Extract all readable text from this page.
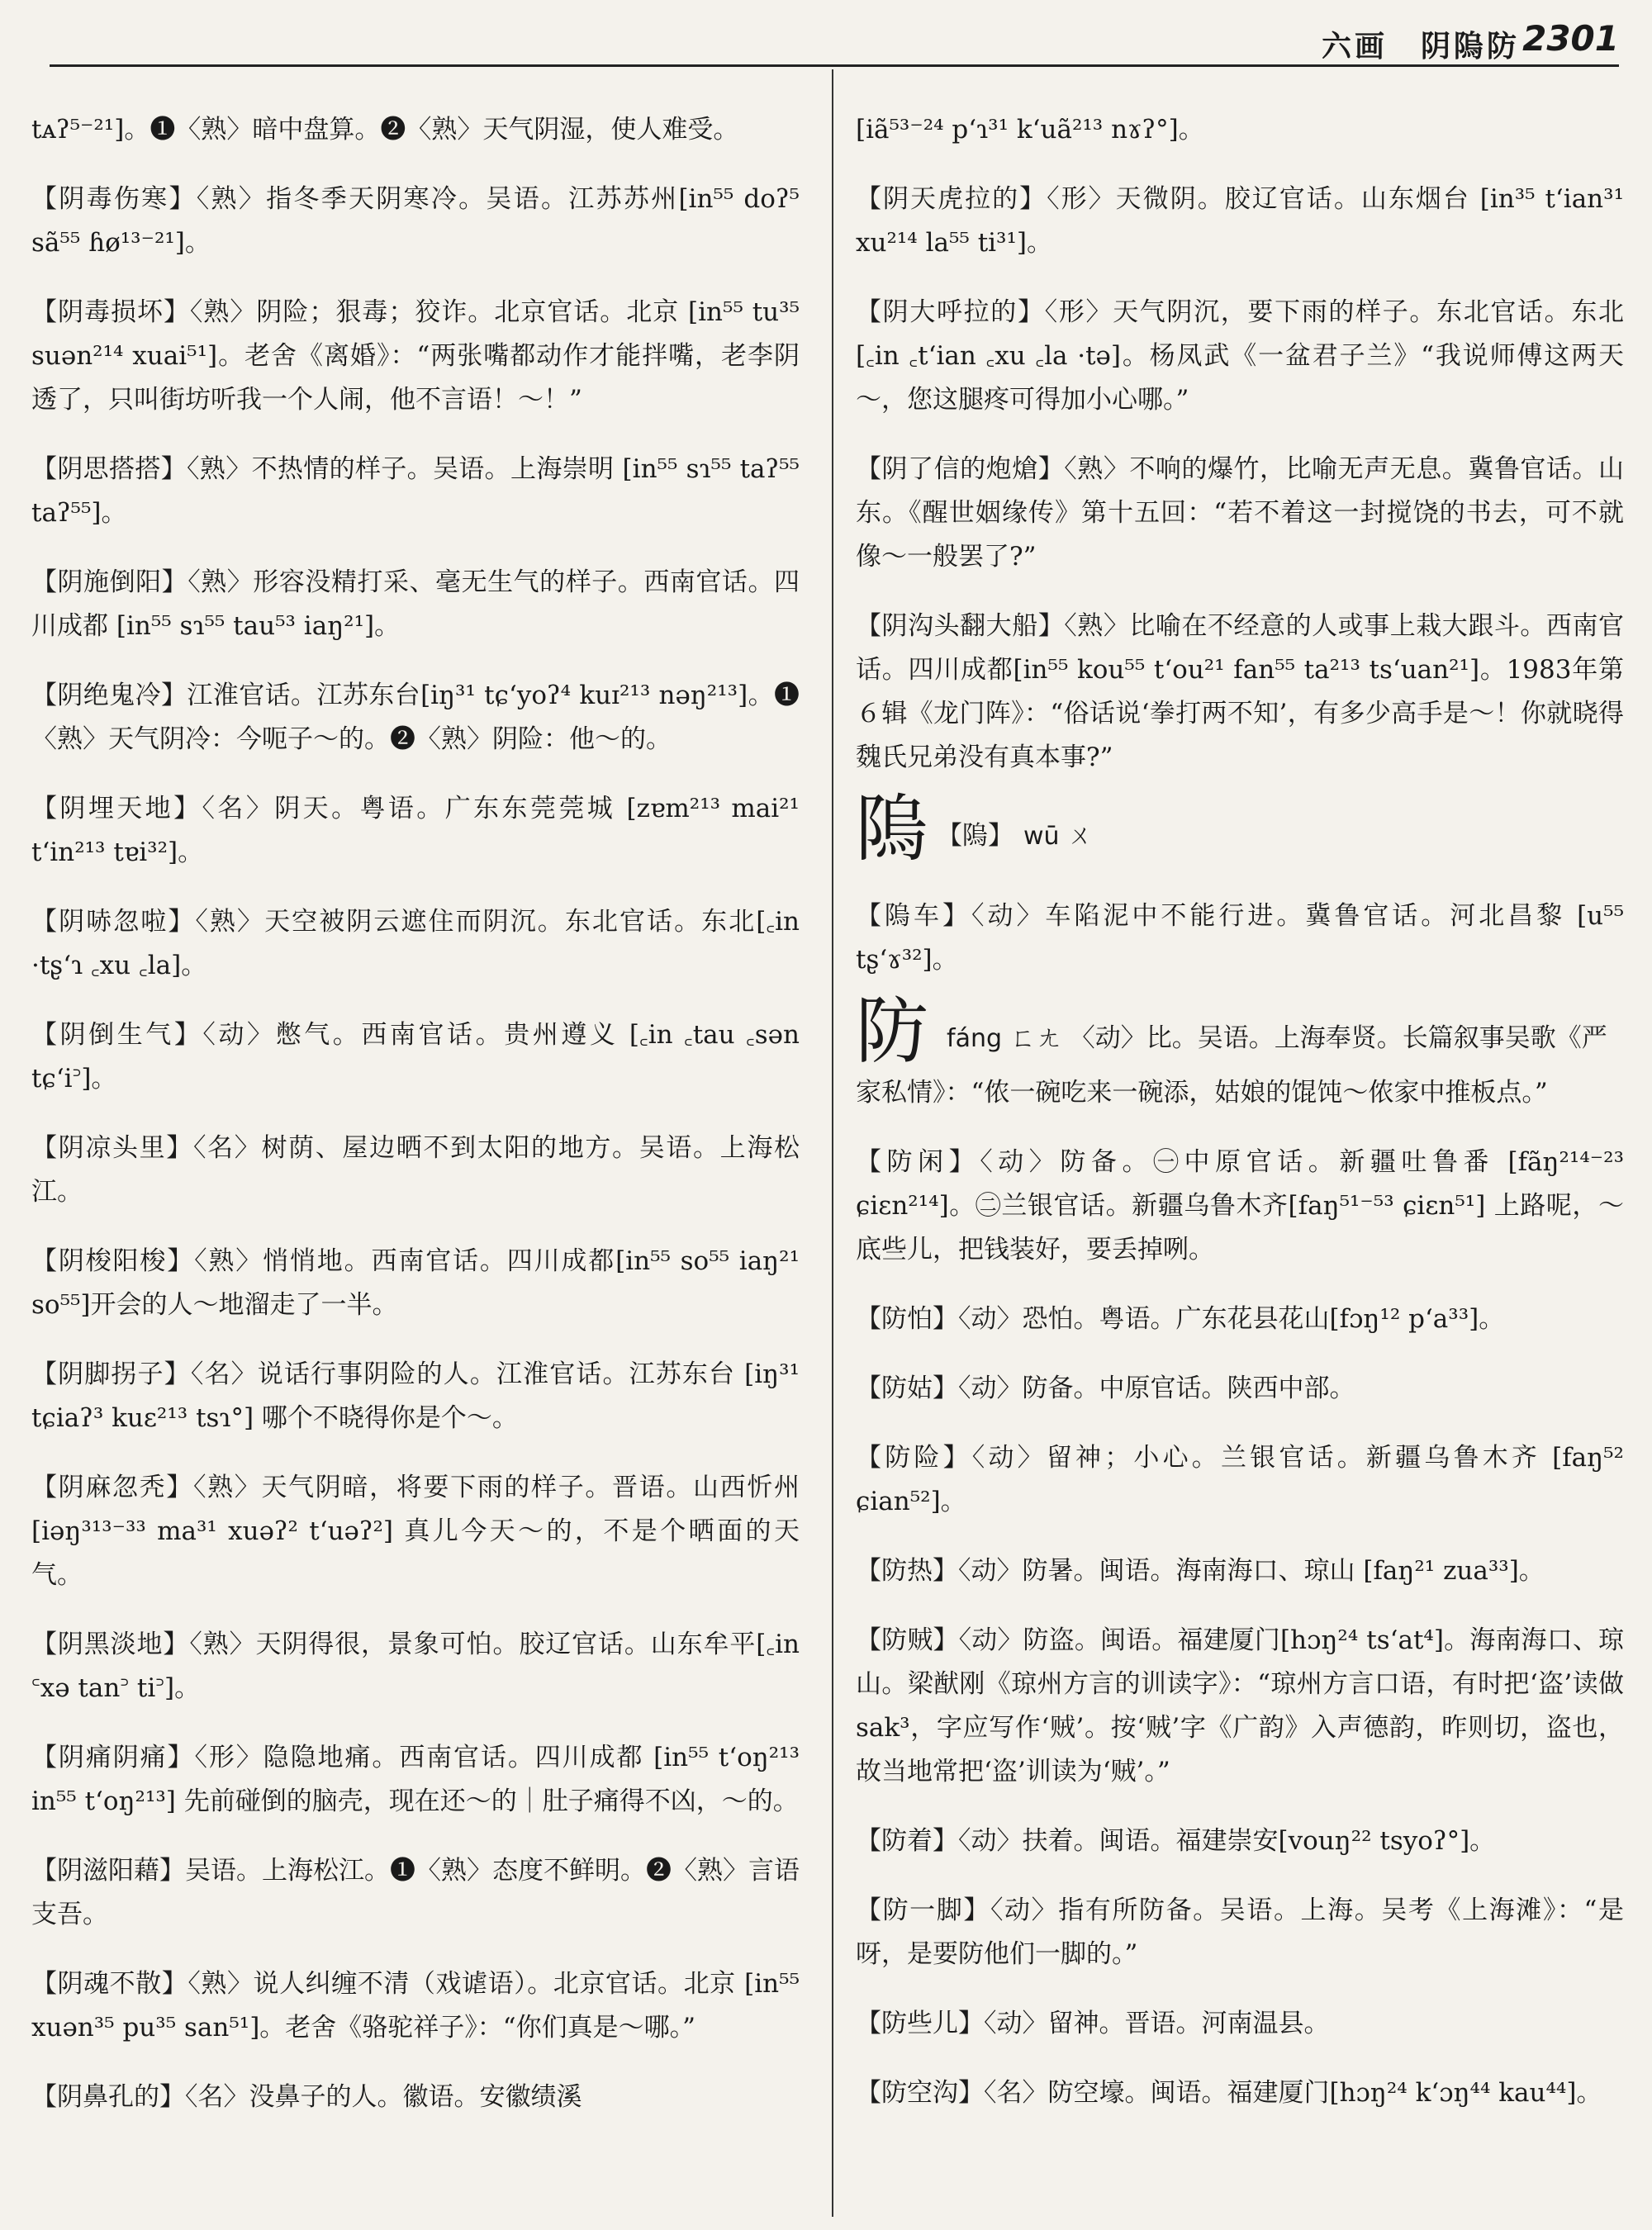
六画　阴隖防 2301

tᴀʔ⁵⁻²¹]。❶〈熟〉暗中盘算。❷〈熟〉天气阴湿，使人难受。

【阴毒伤寒】〈熟〉指冬季天阴寒冷。吴语。江苏苏州[in⁵⁵ doʔ⁵ sã⁵⁵ ɦø¹³⁻²¹]。

【阴毒损坏】〈熟〉阴险；狠毒；狡诈。北京官话。北京 [in⁵⁵ tu³⁵ suən²¹⁴ xuai⁵¹]。老舍《离婚》：“两张嘴都动作才能拌嘴，老李阴透了，只叫街坊听我一个人闹，他不言语！～！”

【阴思搭搭】〈熟〉不热情的样子。吴语。上海崇明 [in⁵⁵ sɿ⁵⁵ taʔ⁵⁵ taʔ⁵⁵]。

【阴施倒阳】〈熟〉形容没精打采、毫无生气的样子。西南官话。四川成都 [in⁵⁵ sɿ⁵⁵ tau⁵³ iaŋ²¹]。

【阴绝鬼冷】江淮官话。江苏东台[iŋ³¹ tɕʻyoʔ⁴ kuɪ²¹³ nəŋ²¹³]。❶〈熟〉天气阴冷：今呃子～的。❷〈熟〉阴险：他～的。

【阴埋天地】〈名〉阴天。粤语。广东东莞莞城 [zɐm²¹³ mai²¹ tʻin²¹³ tɐi³²]。

【阴哧忽啦】〈熟〉天空被阴云遮住而阴沉。东北官话。东北[꜀in ·tʂʻɿ ꜀xu ꜀la]。

【阴倒生气】〈动〉憋气。西南官话。贵州遵义 [꜀in ꜀tau ꜀sən tɕʻi꜄]。

【阴凉头里】〈名〉树荫、屋边晒不到太阳的地方。吴语。上海松江。

【阴梭阳梭】〈熟〉悄悄地。西南官话。四川成都[in⁵⁵ so⁵⁵ iaŋ²¹ so⁵⁵]开会的人～地溜走了一半。

【阴脚拐子】〈名〉说话行事阴险的人。江淮官话。江苏东台 [iŋ³¹ tɕiaʔ³ kuɛ²¹³ tsɿ°] 哪个不晓得你是个～。

【阴麻忽秃】〈熟〉天气阴暗，将要下雨的样子。晋语。山西忻州[iəŋ³¹³⁻³³ ma³¹ xuəʔ² tʻuəʔ²] 真儿今天～的，不是个晒面的天气。

【阴黑淡地】〈熟〉天阴得很，景象可怕。胶辽官话。山东牟平[꜀in ꜂xə tan꜄ ti꜄]。

【阴痛阴痛】〈形〉隐隐地痛。西南官话。四川成都 [in⁵⁵ tʻoŋ²¹³ in⁵⁵ tʻoŋ²¹³] 先前碰倒的脑壳，现在还～的｜肚子痛得不凶，～的。

【阴滋阳藉】吴语。上海松江。❶〈熟〉态度不鲜明。❷〈熟〉言语支吾。

【阴魂不散】〈熟〉说人纠缠不清（戏谑语）。北京官话。北京 [in⁵⁵ xuən³⁵ pu³⁵ san⁵¹]。老舍《骆驼祥子》：“你们真是～哪。”

【阴鼻孔的】〈名〉没鼻子的人。徽语。安徽绩溪

[iã⁵³⁻²⁴ pʻɿ³¹ kʻuã²¹³ nɤʔ°]。

【阴天虎拉的】〈形〉天微阴。胶辽官话。山东烟台 [in³⁵ tʻian³¹ xu²¹⁴ la⁵⁵ ti³¹]。

【阴大呼拉的】〈形〉天气阴沉，要下雨的样子。东北官话。东北 [꜀in ꜀tʻian ꜀xu ꜀la ·tə]。杨凤武《一盆君子兰》“我说师傅这两天～，您这腿疼可得加小心哪。”

【阴了信的炮熗】〈熟〉不响的爆竹，比喻无声无息。冀鲁官话。山东。《醒世姻缘传》第十五回：“若不着这一封搅饶的书去，可不就像～一般罢了?”

【阴沟头翻大船】〈熟〉比喻在不经意的人或事上栽大跟斗。西南官话。四川成都[in⁵⁵ kou⁵⁵ tʻou²¹ fan⁵⁵ ta²¹³ tsʻuan²¹]。1983年第６辑《龙门阵》：“俗话说‘拳打两不知’，有多少高手是～！你就晓得魏氏兄弟没有真本事?”

隖 【隖】 wū ㄨ

【隖车】〈动〉车陷泥中不能行进。冀鲁官话。河北昌黎 [u⁵⁵ tʂʻɤ³²]。

防fáng ㄈㄤ 〈动〉比。吴语。上海奉贤。长篇叙事吴歌《严家私情》：“侬一碗吃来一碗添，姑娘的馄饨～侬家中推板点。”

【防闲】〈动〉防备。㊀中原官话。新疆吐鲁番 [fãŋ²¹⁴⁻²³ ɕiɛn²¹⁴]。㊁兰银官话。新疆乌鲁木齐[faŋ⁵¹⁻⁵³ ɕiɛn⁵¹] 上路呢，～底些儿，把钱装好，要丢掉咧。

【防怕】〈动〉恐怕。粤语。广东花县花山[fɔŋ¹² pʻa³³]。

【防姑】〈动〉防备。中原官话。陕西中部。

【防险】〈动〉留神；小心。兰银官话。新疆乌鲁木齐 [faŋ⁵² ɕian⁵²]。

【防热】〈动〉防暑。闽语。海南海口、琼山 [faŋ²¹ zua³³]。

【防贼】〈动〉防盗。闽语。福建厦门[hɔŋ²⁴ tsʻat⁴]。海南海口、琼山。梁猷刚《琼州方言的训读字》：“琼州方言口语，有时把‘盗’读做sak³，字应写作‘贼’。按‘贼’字《广韵》入声德韵，昨则切，盗也，故当地常把‘盗’训读为‘贼’。”

【防着】〈动〉扶着。闽语。福建崇安[vouŋ²² tsyoʔ°]。

【防一脚】〈动〉指有所防备。吴语。上海。吴考《上海滩》：“是呀，是要防他们一脚的。”

【防些儿】〈动〉留神。晋语。河南温县。

【防空沟】〈名〉防空壕。闽语。福建厦门[hɔŋ²⁴ kʻɔŋ⁴⁴ kau⁴⁴]。
